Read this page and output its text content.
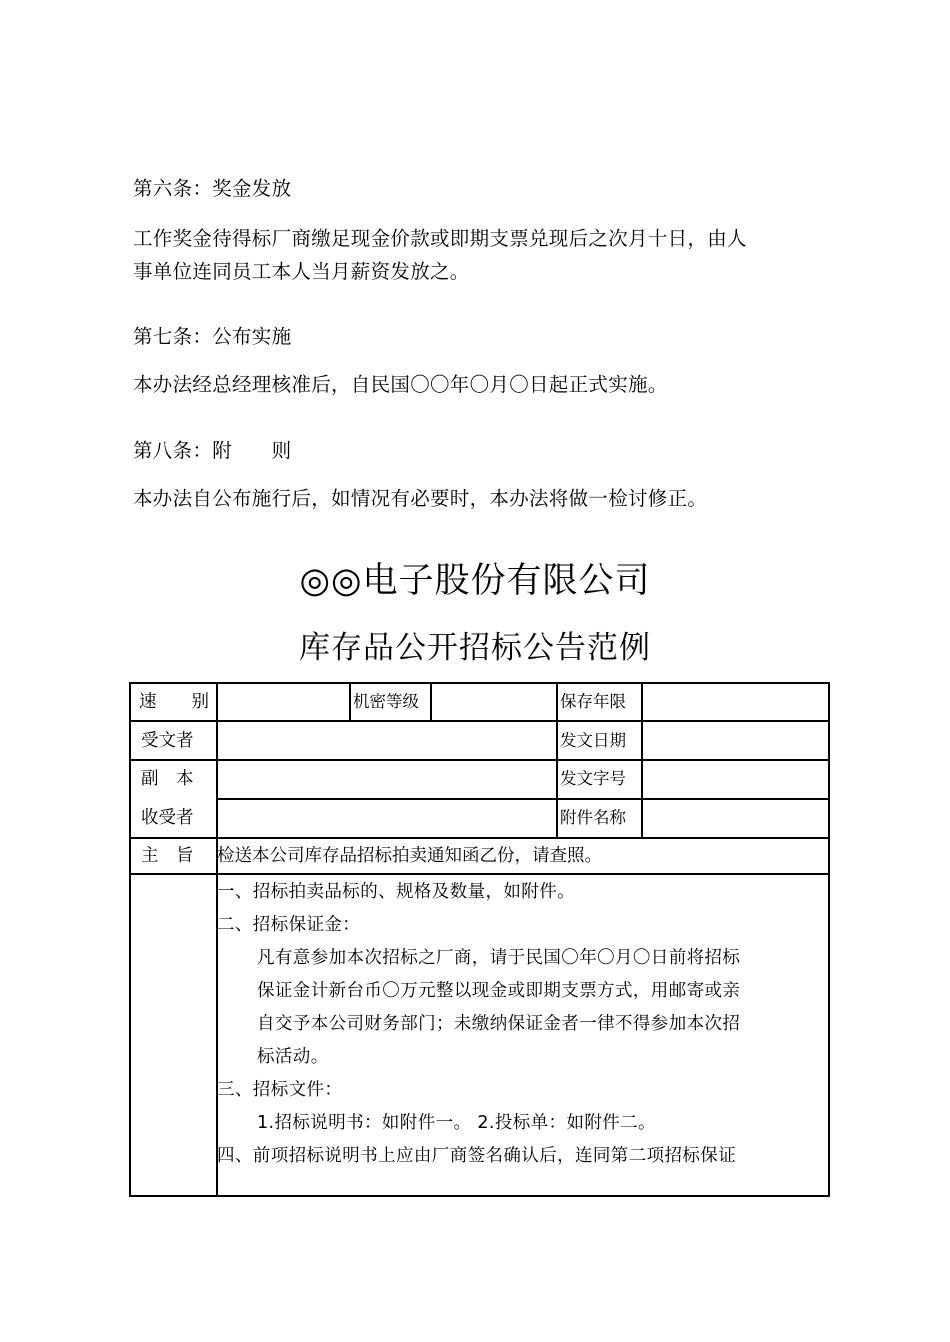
第六条：奖金发放
工作奖金待得标厂商缴足现金价款或即期支票兑现后之次月十日，由人
事单位连同员工本人当月薪资发放之。
第七条：公布实施
本办法经总经理核准后，自民国〇〇年〇月〇日起正式实施。
第八条：附　　则
本办法自公布施行后，如情况有必要时，本办法将做一检讨修正。
◎◎电子股份有限公司
库存品公开招标公告范例
速　　别	机密等级	保存年限
受文者	发文日期
副　本	发文字号
收受者	附件名称
主　旨 检送本公司库存品招标拍卖通知函乙份，请查照。
一、招标拍卖品标的、规格及数量，如附件。
二、招标保证金：
凡有意参加本次招标之厂商，请于民国〇年〇月〇日前将招标
保证金计新台币〇万元整以现金或即期支票方式，用邮寄或亲
自交予本公司财务部门；未缴纳保证金者一律不得参加本次招
标活动。
三、招标文件：
1.招标说明书：如附件一。 2.投标单：如附件二。
四、前项招标说明书上应由厂商签名确认后，连同第二项招标保证
